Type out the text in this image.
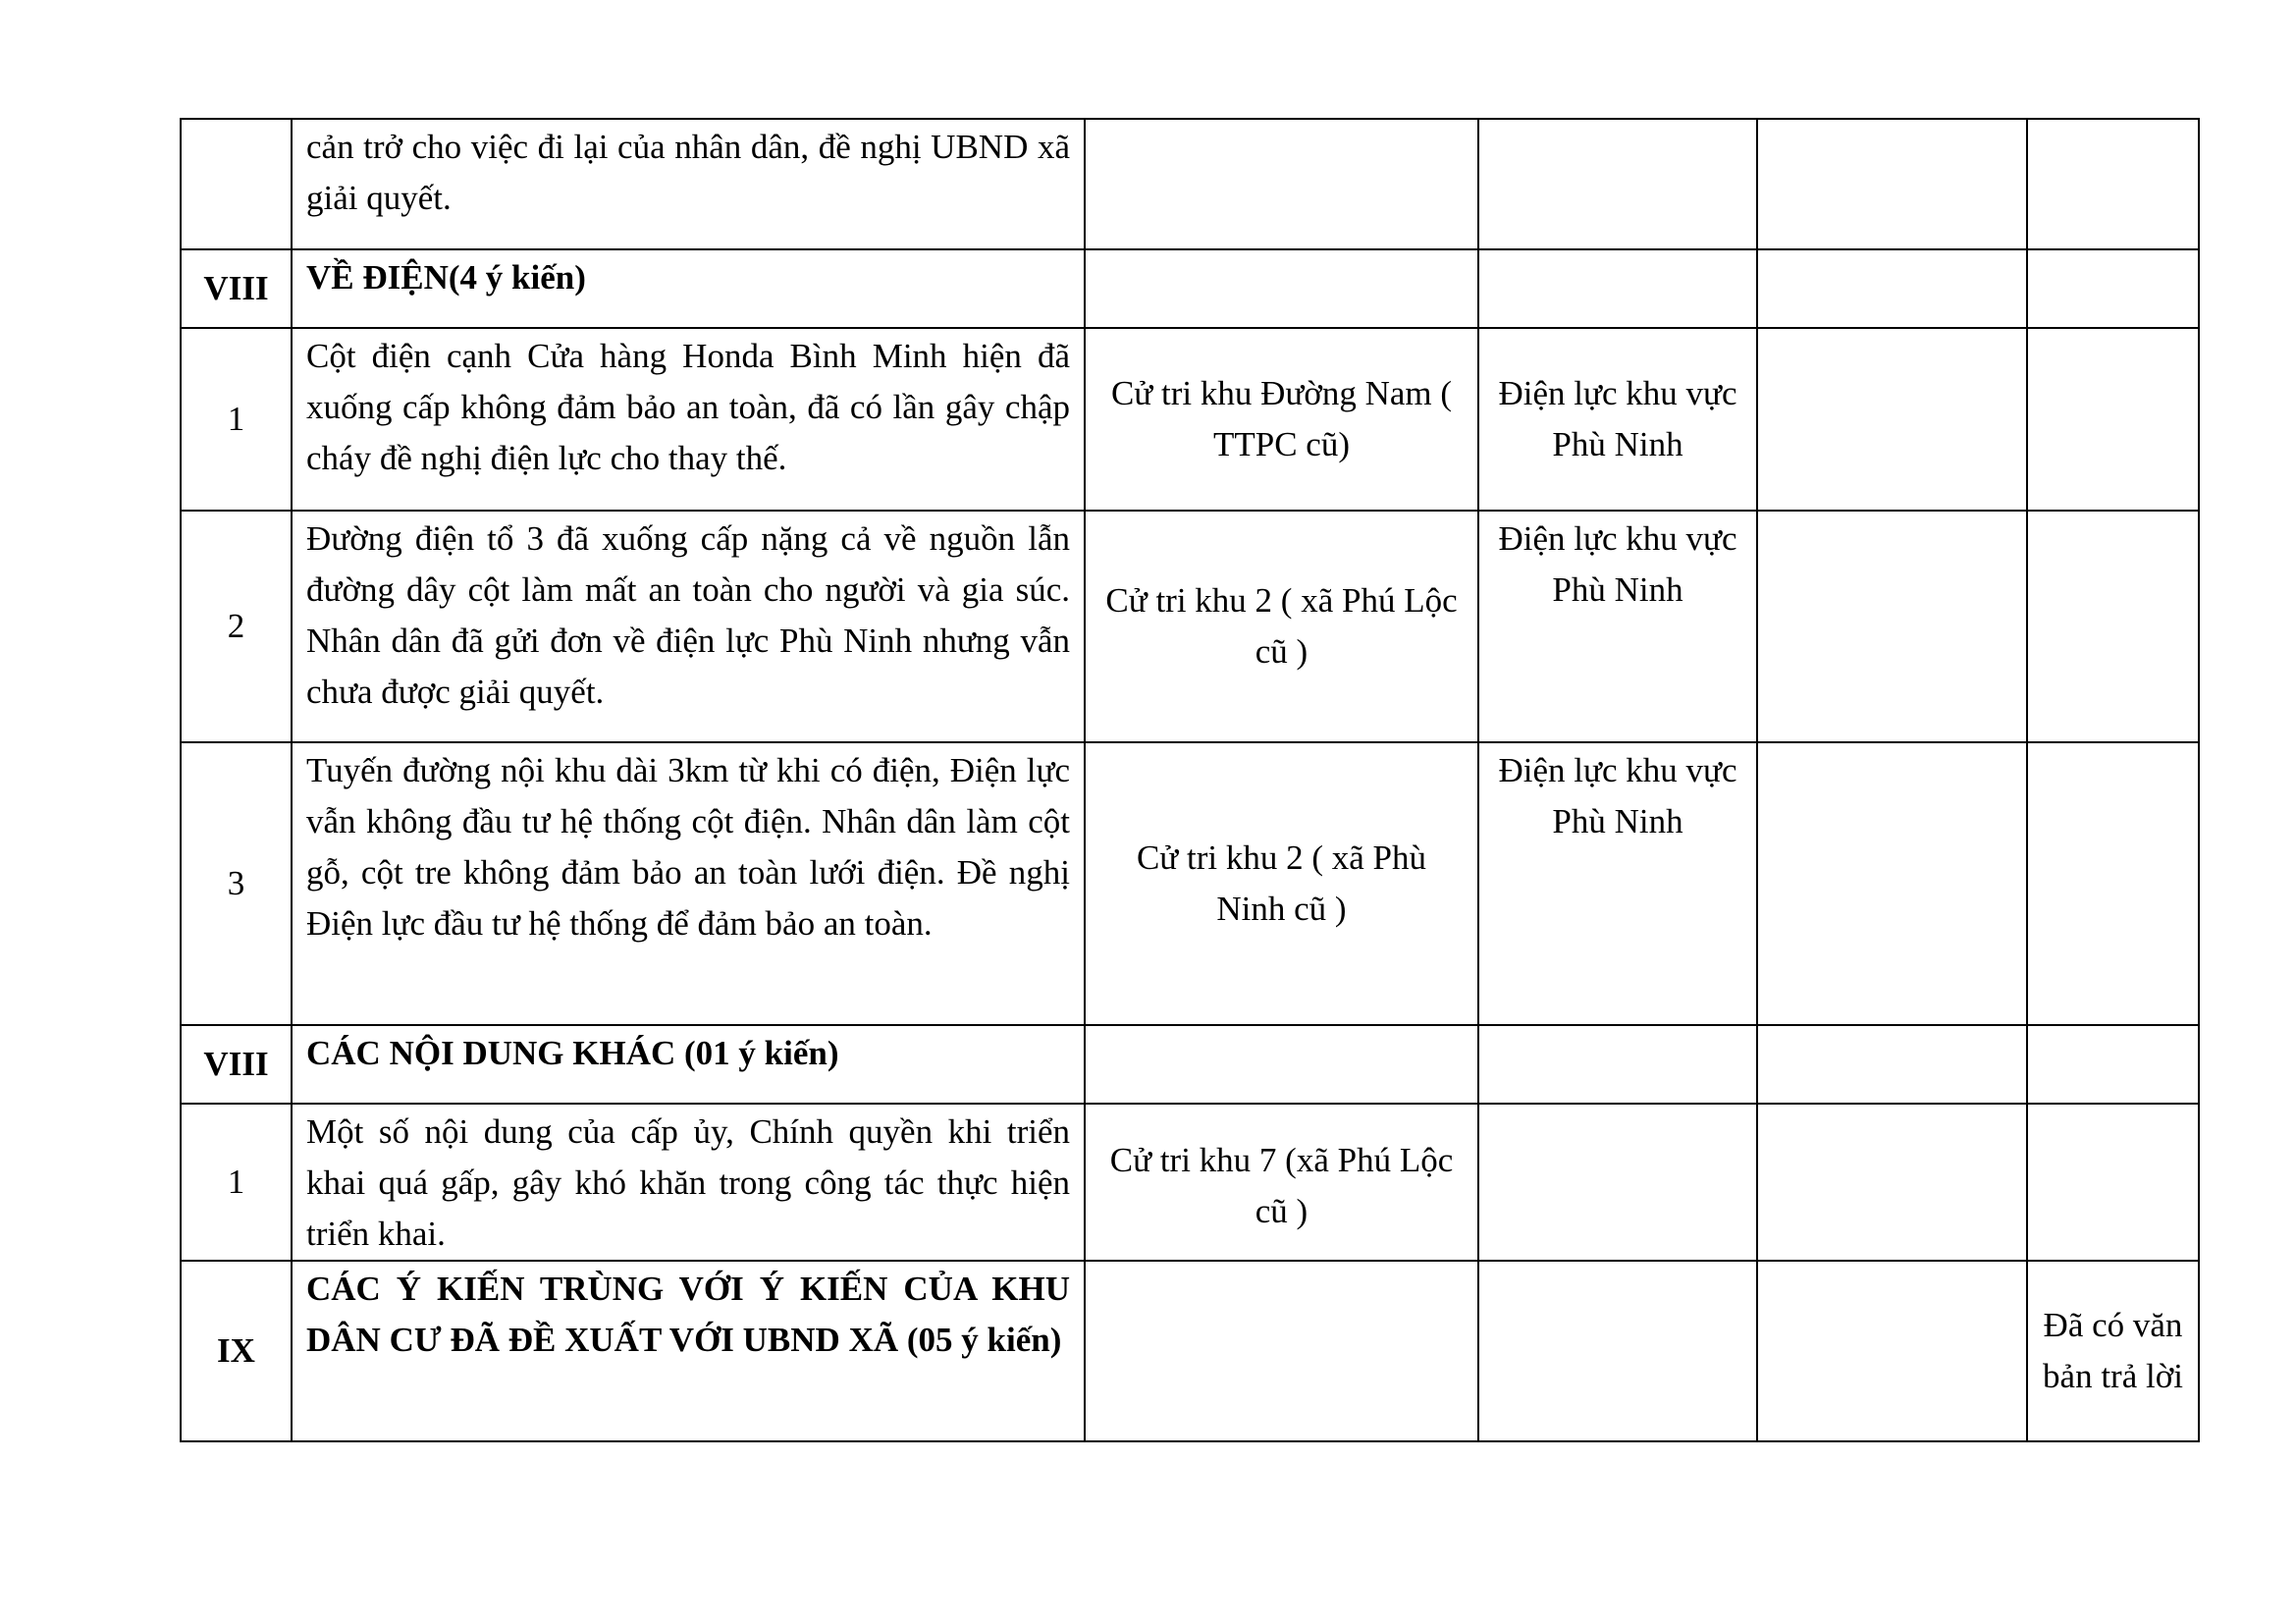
	cản trở cho việc đi lại của nhân dân, đề nghị UBND xã giải quyết.				
VIII	VỀ ĐIỆN(4 ý kiến)				
1	Cột điện cạnh Cửa hàng Honda Bình Minh hiện đã xuống cấp không đảm bảo an toàn, đã có lần gây chập cháy đề nghị điện lực cho thay thế.	Cử tri khu Đường Nam ( TTPC cũ)	Điện lực khu vực Phù Ninh		
2	Đường điện tổ 3 đã xuống cấp nặng cả về nguồn lẫn đường dây cột làm mất an toàn cho người và gia súc. Nhân dân đã gửi đơn về điện lực Phù Ninh nhưng vẫn chưa được giải quyết.	Cử tri khu 2 ( xã Phú Lộc cũ )	Điện lực khu vực Phù Ninh		
3	Tuyến đường nội khu dài 3km từ khi có điện, Điện lực vẫn không đầu tư hệ thống cột điện. Nhân dân làm cột gỗ, cột tre không đảm bảo an toàn lưới điện. Đề nghị Điện lực đầu tư hệ thống để đảm bảo an toàn.	Cử tri khu 2 ( xã Phù Ninh cũ )	Điện lực khu vực Phù Ninh		
VIII	CÁC NỘI DUNG KHÁC (01 ý kiến)				
1	Một số nội dung của cấp ủy, Chính quyền khi triển khai quá gấp, gây khó khăn trong công tác thực hiện triển khai.	Cử tri khu 7 (xã Phú Lộc cũ )			
IX	CÁC Ý KIẾN TRÙNG VỚI Ý KIẾN CỦA KHU DÂN CƯ ĐÃ ĐỀ XUẤT VỚI UBND XÃ (05 ý kiến)				Đã có văn bản trả lời
